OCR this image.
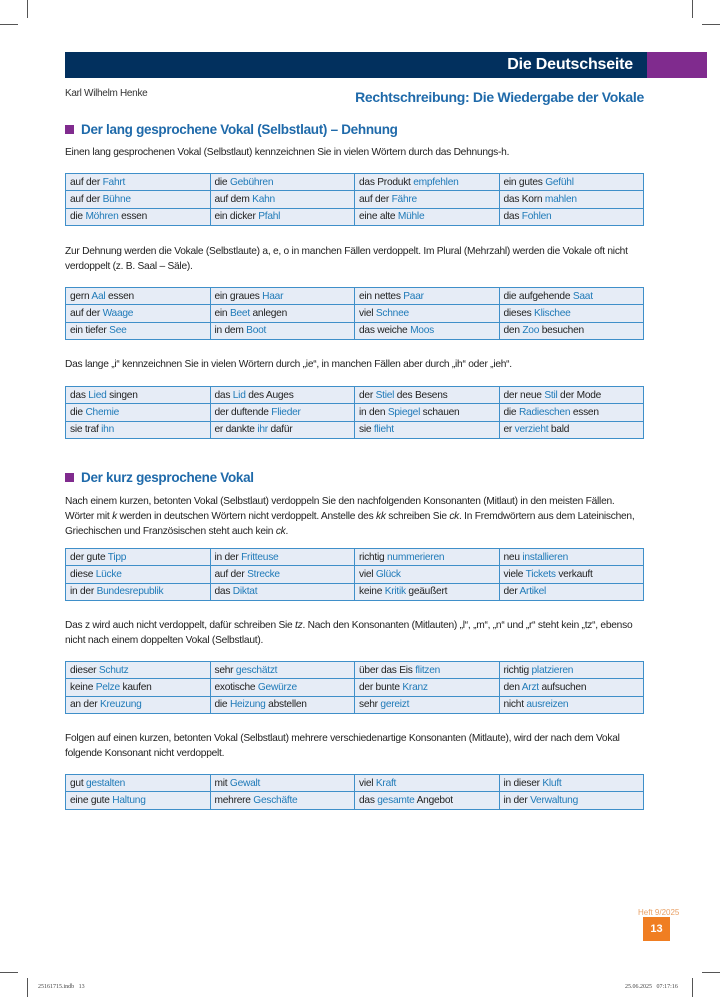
Die Deutschseite
Karl Wilhelm Henke	Rechtschreibung: Die Wiedergabe der Vokale
Der lang gesprochene Vokal (Selbstlaut) – Dehnung
Einen lang gesprochenen Vokal (Selbstlaut) kennzeichnen Sie in vielen Wörtern durch das Dehnungs-h.
auf der Fahrt	die Gebühren	das Produkt empfehlen	ein gutes Gefühl
auf der Bühne	auf dem Kahn	auf der Fähre	das Korn mahlen
die Möhren essen	ein dicker Pfahl	eine alte Mühle	das Fohlen
Zur Dehnung werden die Vokale (Selbstlaute) a, e, o in manchen Fällen verdoppelt. Im Plural (Mehrzahl) werden die Vokale oft nicht verdoppelt (z. B. Saal – Säle).
gern Aal essen	ein graues Haar	ein nettes Paar	die aufgehende Saat
auf der Waage	ein Beet anlegen	viel Schnee	dieses Klischee
ein tiefer See	in dem Boot	das weiche Moos	den Zoo besuchen
Das lange „i“ kennzeichnen Sie in vielen Wörtern durch „ie“, in manchen Fällen aber durch „ih“ oder „ieh“.
das Lied singen	das Lid des Auges	der Stiel des Besens	der neue Stil der Mode
die Chemie	der duftende Flieder	in den Spiegel schauen	die Radieschen essen
sie traf ihn	er dankte ihr dafür	sie flieht	er verzieht bald
Der kurz gesprochene Vokal
Nach einem kurzen, betonten Vokal (Selbstlaut) verdoppeln Sie den nachfolgenden Konsonanten (Mitlaut) in den meisten Fällen. Wörter mit k werden in deutschen Wörtern nicht verdoppelt. Anstelle des kk schreiben Sie ck. In Fremdwörtern aus dem Lateinischen, Griechischen und Französischen steht auch kein ck.
der gute Tipp	in der Fritteuse	richtig nummerieren	neu installieren
diese Lücke	auf der Strecke	viel Glück	viele Tickets verkauft
in der Bundesrepublik	das Diktat	keine Kritik geäußert	der Artikel
Das z wird auch nicht verdoppelt, dafür schreiben Sie tz. Nach den Konsonanten (Mitlauten) „l“, „m“, „n“ und „r“ steht kein „tz“, ebenso nicht nach einem doppelten Vokal (Selbstlaut).
dieser Schutz	sehr geschätzt	über das Eis flitzen	richtig platzieren
keine Pelze kaufen	exotische Gewürze	der bunte Kranz	den Arzt aufsuchen
an der Kreuzung	die Heizung abstellen	sehr gereizt	nicht ausreizen
Folgen auf einen kurzen, betonten Vokal (Selbstlaut) mehrere verschiedenartige Konsonanten (Mitlaute), wird der nach dem Vokal folgende Konsonant nicht verdoppelt.
gut gestalten	mit Gewalt	viel Kraft	in dieser Kluft
eine gute Haltung	mehrere Geschäfte	das gesamte Angebot	in der Verwaltung
Heft 9/2025
13
25161715.indb   13	25.06.2025   07:17:16
